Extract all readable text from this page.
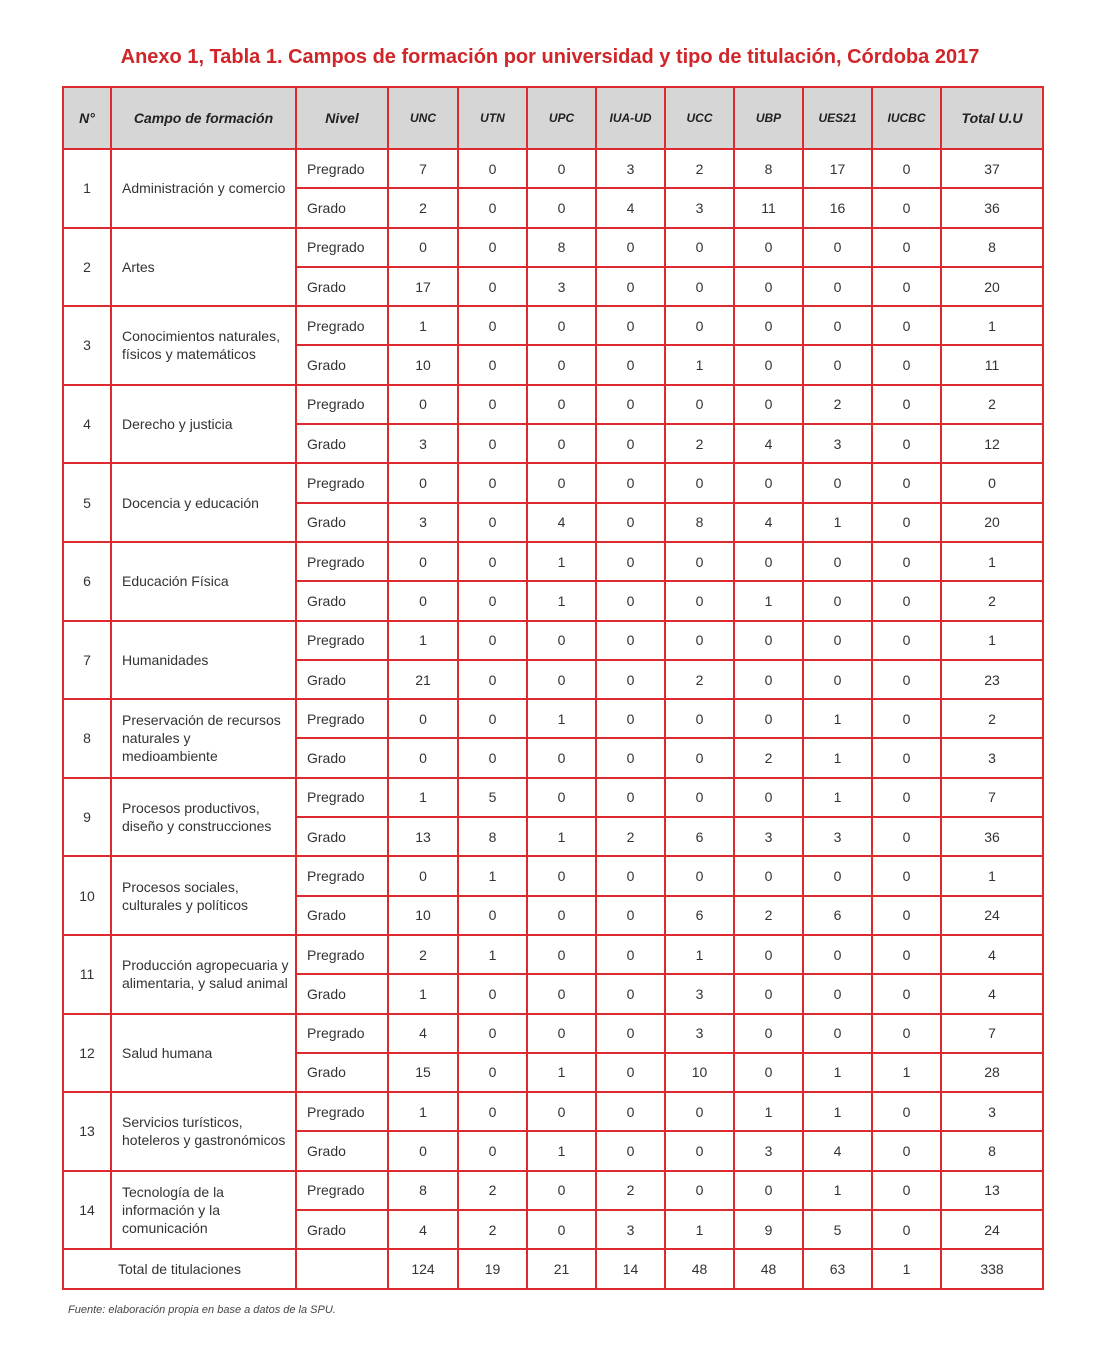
Anexo 1, Tabla 1. Campos de formación por universidad y tipo de titulación, Córdoba 2017
N°	Campo de formación	Nivel	UNC	UTN	UPC	IUA-UD	UCC	UBP	UES21	IUCBC	Total U.U
1	Administración y comercio	Pregrado	7	0	0	3	2	8	17	0	37
		Grado	2	0	0	4	3	11	16	0	36
2	Artes	Pregrado	0	0	8	0	0	0	0	0	8
		Grado	17	0	3	0	0	0	0	0	20
3	Conocimientos naturales, físicos y matemáticos	Pregrado	1	0	0	0	0	0	0	0	1
		Grado	10	0	0	0	1	0	0	0	11
4	Derecho y justicia	Pregrado	0	0	0	0	0	0	2	0	2
		Grado	3	0	0	0	2	4	3	0	12
5	Docencia y educación	Pregrado	0	0	0	0	0	0	0	0	0
		Grado	3	0	4	0	8	4	1	0	20
6	Educación Física	Pregrado	0	0	1	0	0	0	0	0	1
		Grado	0	0	1	0	0	1	0	0	2
7	Humanidades	Pregrado	1	0	0	0	0	0	0	0	1
		Grado	21	0	0	0	2	0	0	0	23
8	Preservación de recursos naturales y medioambiente	Pregrado	0	0	1	0	0	0	1	0	2
		Grado	0	0	0	0	0	2	1	0	3
9	Procesos productivos, diseño y construcciones	Pregrado	1	5	0	0	0	0	1	0	7
		Grado	13	8	1	2	6	3	3	0	36
10	Procesos sociales, culturales y políticos	Pregrado	0	1	0	0	0	0	0	0	1
		Grado	10	0	0	0	6	2	6	0	24
11	Producción agropecuaria y alimentaria, y salud animal	Pregrado	2	1	0	0	1	0	0	0	4
		Grado	1	0	0	0	3	0	0	0	4
12	Salud humana	Pregrado	4	0	0	0	3	0	0	0	7
		Grado	15	0	1	0	10	0	1	1	28
13	Servicios turísticos, hoteleros y gastronómicos	Pregrado	1	0	0	0	0	1	1	0	3
		Grado	0	0	1	0	0	3	4	0	8
14	Tecnología de la información y la comunicación	Pregrado	8	2	0	2	0	0	1	0	13
		Grado	4	2	0	3	1	9	5	0	24
Total de titulaciones			124	19	21	14	48	48	63	1	338
Fuente: elaboración propia en base a datos de la SPU.
